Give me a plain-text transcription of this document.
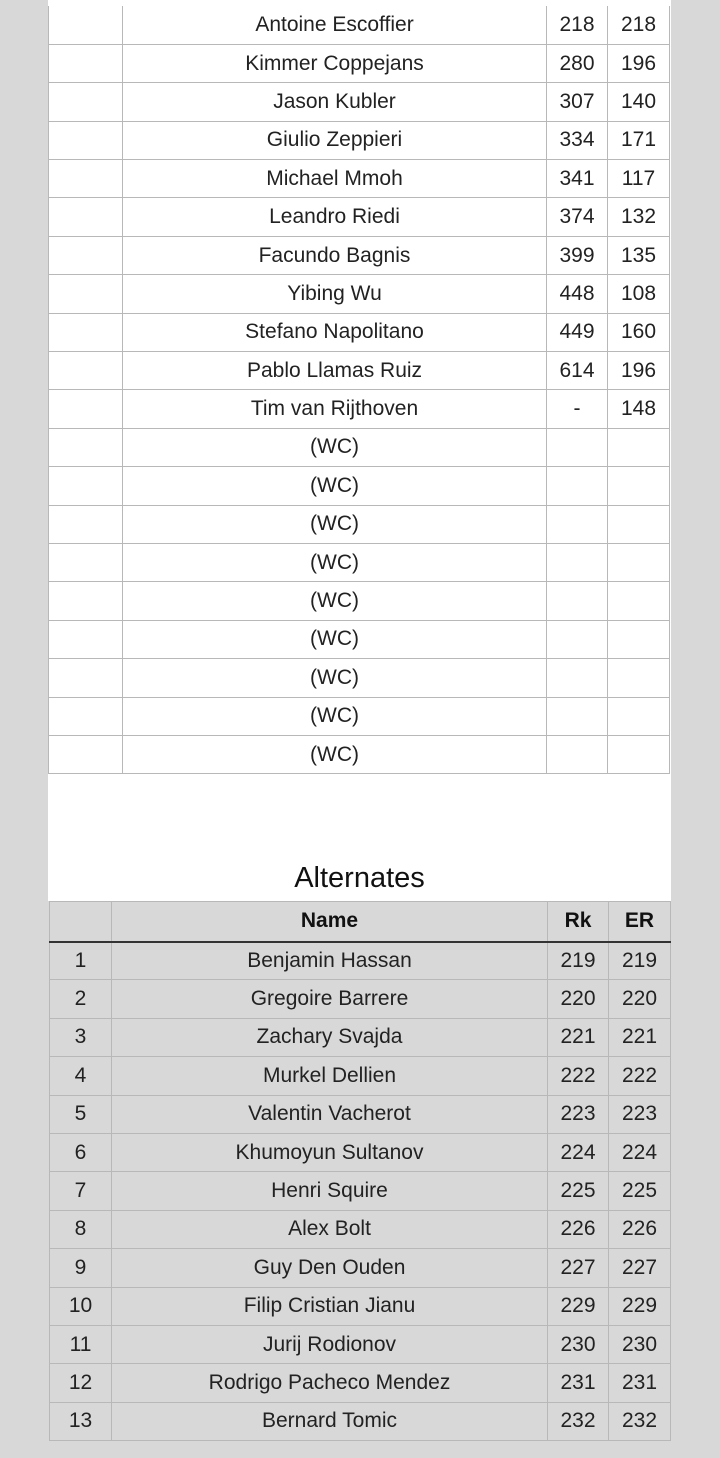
	Antoine Escoffier	218	218
	Kimmer Coppejans	280	196
	Jason Kubler	307	140
	Giulio Zeppieri	334	171
	Michael Mmoh	341	117
	Leandro Riedi	374	132
	Facundo Bagnis	399	135
	Yibing Wu	448	108
	Stefano Napolitano	449	160
	Pablo Llamas Ruiz	614	196
	Tim van Rijthoven	-	148
	(WC)		
	(WC)		
	(WC)		
	(WC)		
	(WC)		
	(WC)		
	(WC)		
	(WC)		
	(WC)		
Alternates
	Name	Rk	ER
1	Benjamin Hassan	219	219
2	Gregoire Barrere	220	220
3	Zachary Svajda	221	221
4	Murkel Dellien	222	222
5	Valentin Vacherot	223	223
6	Khumoyun Sultanov	224	224
7	Henri Squire	225	225
8	Alex Bolt	226	226
9	Guy Den Ouden	227	227
10	Filip Cristian Jianu	229	229
11	Jurij Rodionov	230	230
12	Rodrigo Pacheco Mendez	231	231
13	Bernard Tomic	232	232
